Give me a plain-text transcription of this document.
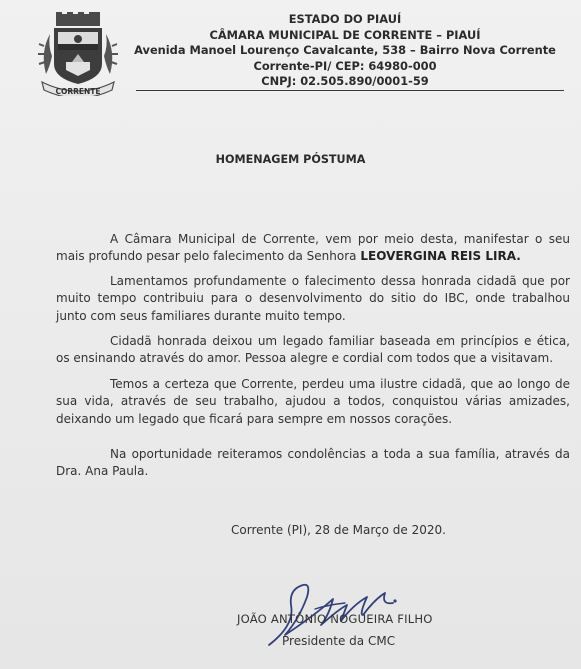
CORRENTE
ESTADO DO PIAUÍ
CÂMARA MUNICIPAL DE CORRENTE – PIAUÍ
Avenida Manoel Lourenço Cavalcante, 538 – Bairro Nova Corrente
Corrente-PI/ CEP: 64980-000
CNPJ: 02.505.890/0001-59
HOMENAGEM PÓSTUMA
A Câmara Municipal de Corrente, vem por meio desta, manifestar o seu mais profundo pesar pelo falecimento da Senhora LEOVERGINA REIS LIRA.
Lamentamos profundamente o falecimento dessa honrada cidadã que por muito tempo contribuiu para o desenvolvimento do sitio do IBC, onde trabalhou junto com seus familiares durante muito tempo.
Cidadã honrada deixou um legado familiar baseada em princípios e ética, os ensinando através do amor. Pessoa alegre e cordial com todos que a visitavam.
Temos a certeza que Corrente, perdeu uma ilustre cidadã, que ao longo de sua vida, através de seu trabalho, ajudou a todos, conquistou várias amizades, deixando um legado que ficará para sempre em nossos corações.
Na oportunidade reiteramos condolências a toda a sua família, através da Dra. Ana Paula.
Corrente (PI), 28 de Março de 2020.
JOÃO ANTÔNIO NOGUEIRA FILHO
Presidente da CMC
